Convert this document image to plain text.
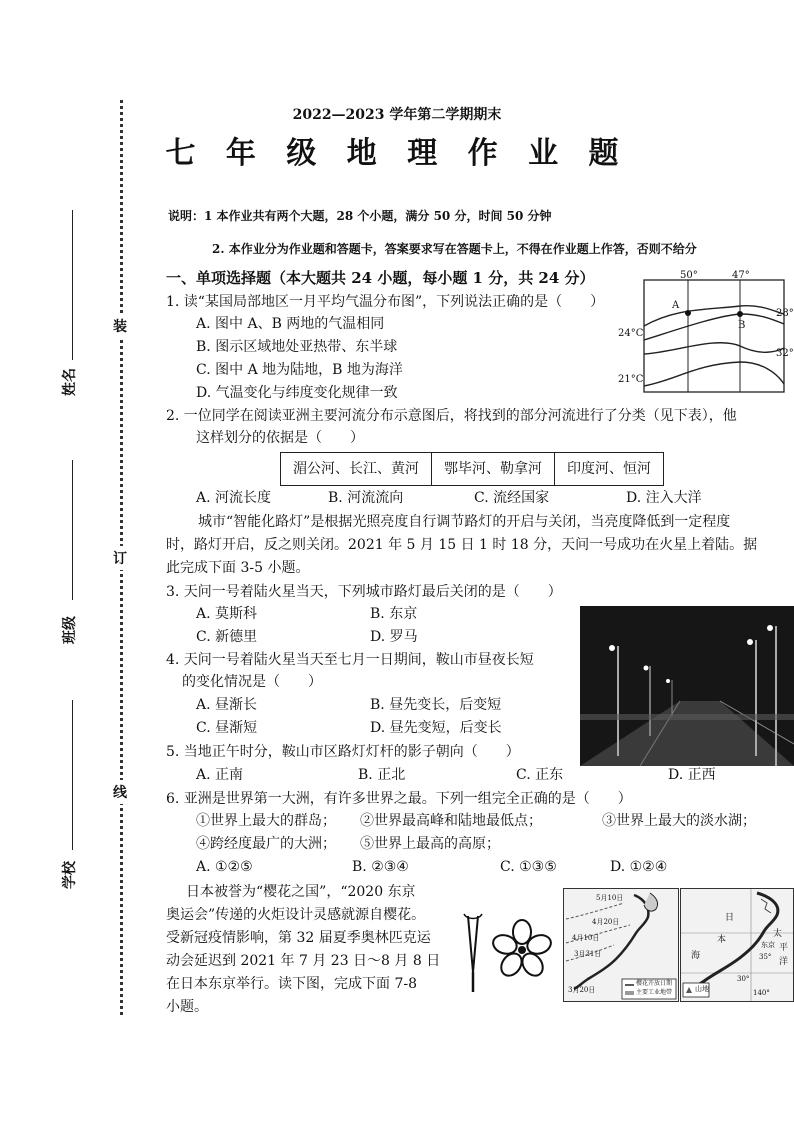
装
订
线
姓名
班级
学校
2022—2023 学年第二学期期末
七 年 级 地 理 作 业 题
说明：1 本作业共有两个大题，28 个小题，满分 50 分，时间 50 分钟
2. 本作业分为作业题和答题卡，答案要求写在答题卡上，不得在作业题上作答，否则不给分
一、单项选择题（本大题共 24 小题，每小题 1 分，共 24 分）
1. 读“某国局部地区一月平均气温分布图”，下列说法正确的是（　　）
A. 图中 A、B 两地的气温相同
B. 图示区域地处亚热带、东半球
C. 图中 A 地为陆地，B 地为海洋
D. 气温变化与纬度变化规律一致
50°	47°
A
B
28°
24°C
32°
21°C
2. 一位同学在阅读亚洲主要河流分布示意图后，将找到的部分河流进行了分类（见下表），他
这样划分的依据是（　　）
湄公河、长江、黄河	鄂毕河、勒拿河	印度河、恒河
A. 河流长度	B. 河流流向	C. 流经国家	D. 注入大洋
城市“智能化路灯”是根据光照亮度自行调节路灯的开启与关闭，当亮度降低到一定程度
时，路灯开启，反之则关闭。2021 年 5 月 15 日 1 时 18 分，天问一号成功在火星上着陆。据
此完成下面 3-5 小题。
3. 天问一号着陆火星当天，下列城市路灯最后关闭的是（　　）
A. 莫斯科	B. 东京
C. 新德里	D. 罗马
4. 天问一号着陆火星当天至七月一日期间，鞍山市昼夜长短
的变化情况是（　　）
A. 昼渐长	B. 昼先变长，后变短
C. 昼渐短	D. 昼先变短，后变长
5. 当地正午时分，鞍山市区路灯灯杆的影子朝向（　　）
A. 正南	B. 正北	C. 正东	D. 正西
6. 亚洲是世界第一大洲，有许多世界之最。下列一组完全正确的是（　　）
①世界上最大的群岛； ②世界最高峰和陆地最低点；	③世界上最大的淡水湖；
④跨经度最广的大洲； ⑤世界上最高的高原；
A. ①②⑤	B. ②③④	C. ①③⑤	D. ①②④
日本被誉为“樱花之国”，“2020 东京
奥运会”传递的火炬设计灵感就源自樱花。
受新冠疫情影响，第 32 届夏季奥林匹克运
动会延迟到 2021 年 7 月 23 日～8 月 8 日
在日本东京举行。读下图，完成下面 7-8
小题。
5月10日
4月20日
4月10日
3月31日
3月20日
樱花开放日期
主要工业地带
日
本
海
太
平
洋
东京
35°
30°
140°
山地
